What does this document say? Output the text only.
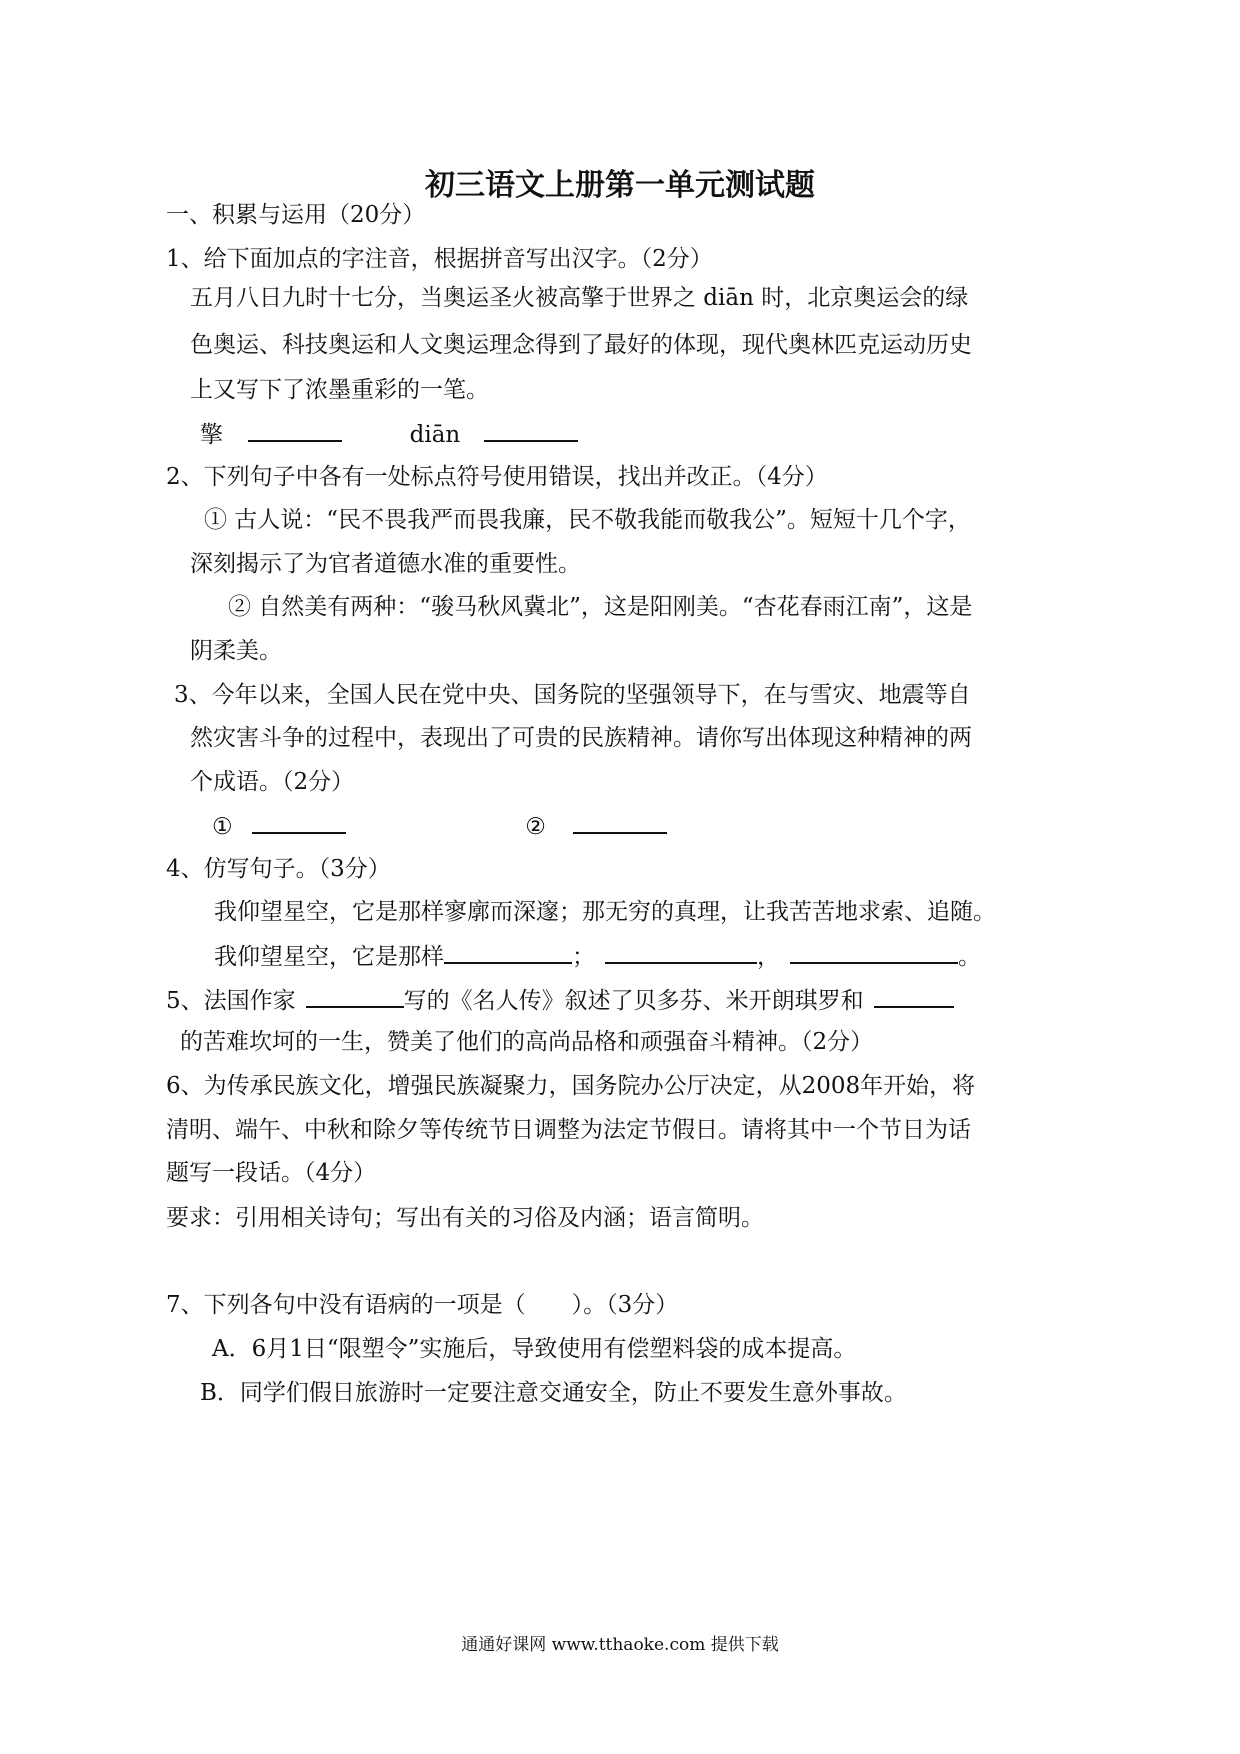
初三语文上册第一单元测试题
一、积累与运用（20分）
1、给下面加点的字注音，根据拼音写出汉字。（2分）
五月八日九时十七分，当奥运圣火被高擎于世界之 diān 时，北京奥运会的绿
色奥运、科技奥运和人文奥运理念得到了最好的体现，现代奥林匹克运动历史
上又写下了浓墨重彩的一笔。
擎	diān
2、下列句子中各有一处标点符号使用错误，找出并改正。（4分）
① 古人说：“民不畏我严而畏我廉，民不敬我能而敬我公”。短短十几个字，
深刻揭示了为官者道德水准的重要性。
② 自然美有两种：“骏马秋风冀北”，这是阳刚美。“杏花春雨江南”，这是
阴柔美。
3、今年以来，全国人民在党中央、国务院的坚强领导下，在与雪灾、地震等自
然灾害斗争的过程中，表现出了可贵的民族精神。请你写出体现这种精神的两
个成语。（2分）
①	②
4、仿写句子。（3分）
我仰望星空，它是那样寥廓而深邃；那无穷的真理，让我苦苦地求索、追随。
我仰望星空，它是那样	；	，	。
5、法国作家	写的《名人传》叙述了贝多芬、米开朗琪罗和
的苦难坎坷的一生，赞美了他们的高尚品格和顽强奋斗精神。（2分）
6、为传承民族文化，增强民族凝聚力，国务院办公厅决定，从2008年开始，将
清明、端午、中秋和除夕等传统节日调整为法定节假日。请将其中一个节日为话
题写一段话。（4分）
要求：引用相关诗句；写出有关的习俗及内涵；语言简明。
7、下列各句中没有语病的一项是（　　）。（3分）
A．6月1日“限塑令”实施后，导致使用有偿塑料袋的成本提高。
B．同学们假日旅游时一定要注意交通安全，防止不要发生意外事故。
通通好课网 www.tthaoke.com 提供下载
